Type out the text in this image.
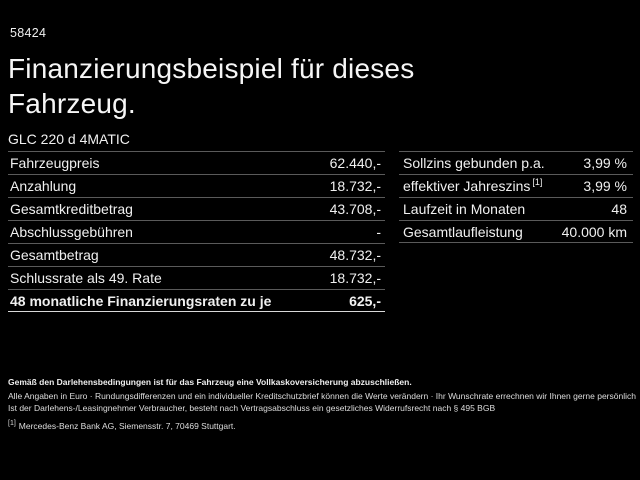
58424
Finanzierungsbeispiel für dieses
Fahrzeug.
GLC 220 d 4MATIC
Fahrzeugpreis	62.440,-
Anzahlung	18.732,-
Gesamtkreditbetrag	43.708,-
Abschlussgebühren	-
Gesamtbetrag	48.732,-
Schlussrate als 49. Rate	18.732,-
48 monatliche Finanzierungsraten zu je	625,-
Sollzins gebunden p.a.	3,99 %
effektiver Jahreszins [1]	3,99 %
Laufzeit in Monaten	48
Gesamtlaufleistung	40.000 km
Gemäß den Darlehensbedingungen ist für das Fahrzeug eine Vollkaskoversicherung abzuschließen.
Alle Angaben in Euro · Rundungsdifferenzen und ein individueller Kreditschutzbrief können die Werte verändern · Ihr Wunschrate errechnen wir Ihnen gerne persönlich
Ist der Darlehens-/Leasingnehmer Verbraucher, besteht nach Vertragsabschluss ein gesetzliches Widerrufsrecht nach § 495 BGB
[1] Mercedes-Benz Bank AG, Siemensstr. 7, 70469 Stuttgart.
